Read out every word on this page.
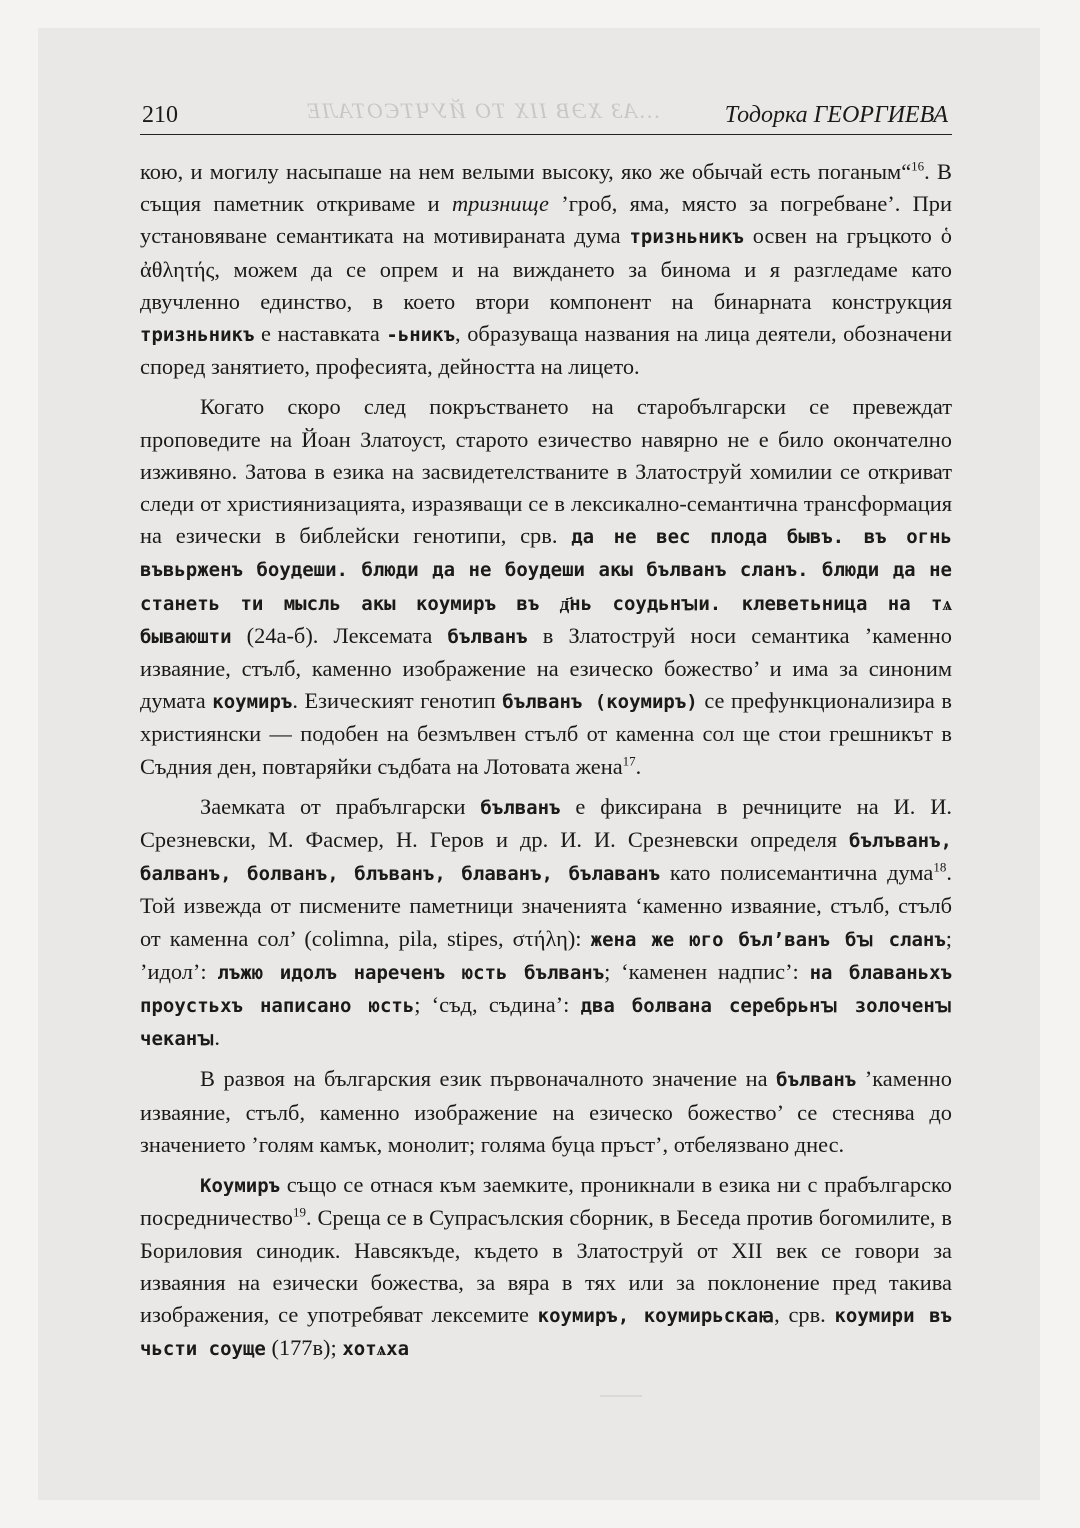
…АЗ ХЭВ ІІХ ТО ЙУЧТЄОТАЛЕ
———
210	Тодорка ГЕОРГИЕВА

кою, и могилу насыпаше на нем велыми высоку, яко же обычай есть поганым“$^{16}$. В същия паметник откриваме и тризнище ’гроб, яма, място за погребване’. При установяване семантиката на мотивираната дума тризньникъ освен на гръцкото ὁ ἀθλητής, можем да се опрем и на виждането за бинома и я разгледаме като двучленно единство, в което втори компонент на бинарната конструкция тризньникъ е наставката -ьникъ, образуваща названия на лица деятели, обозначени според занятието, професията, дейността на лицето.

Когато скоро след покръстването на старобългарски се превеждат проповедите на Йоан Златоуст, старото езичество навярно не е било окончателно изживяно. Затова в езика на засвидетелстваните в Златоструй хомилии се откриват следи от християнизацията, изразяващи се в лексикално-семантична трансформация на езически в библейски генотипи, срв. да не вес плода бывъ. въ огнь въвьрженъ боудеши. блюди да не боудеши акы бълванъ сланъ. блюди да не станеть ти мысль акы коумиръ въ д҃нь соудьнꙑи. клеветьница на тѧ бываюшти (24а-б). Лексемата бълванъ в Златоструй носи семантика ’каменно изваяние, стълб, каменно изображение на езическо божество’ и има за синоним думата коумиръ. Езическият генотип бълванъ (коумиръ) се префункционализира в християнски — подобен на безмълвен стълб от каменна сол ще стои грешникът в Съдния ден, повтаряйки съдбата на Лотовата жена$^{17}$.

Заемката от прабългарски бълванъ е фиксирана в речниците на И. И. Срезневски, М. Фасмер, Н. Геров и др. И. И. Срезневски определя бълъванъ, балванъ, болванъ, блъванъ, блаванъ, бълаванъ като полисемантична дума$^{18}$. Той извежда от писмените паметници значенията ‘каменно изваяние, стълб, стълб от каменна сол’ (colimna, pila, stipes, στήλη): жена же юго бъл’ванъ бꙑ сланъ; ’идол’: лъжю идолъ нареченъ юсть бълванъ; ‘каменен надпис’: на блаваньхъ проустьхъ написано юсть; ‘съд, съдина’: два болвана серебрьнꙑ золоченꙑ чеканꙑ.

В развоя на българския език първоначалното значение на бълванъ ’каменно изваяние, стълб, каменно изображение на езическо божество’ се стеснява до значението ’голям камък, монолит; голяма буца пръст’, отбелязвано днес.

Коумиръ също се отнася към заемките, проникнали в езика ни с прабългарско посредничество$^{19}$. Среща се в Супрасълския сборник, в Беседа против богомилите, в Бориловия синодик. Навсякъде, където в Златоструй от XII век се говори за изваяния на езически божества, за вяра в тях или за поклонение пред такива изображения, се употребяват лексемите коумиръ, коумирьскаꙗ, срв. коумири въ чьсти соуще (177в); хотѧха
